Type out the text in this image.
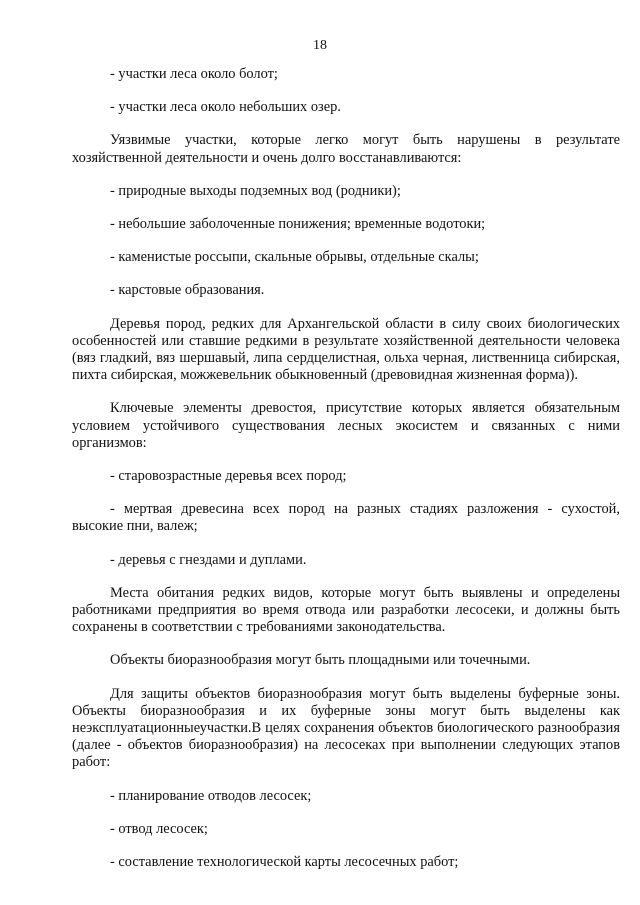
18

- участки леса около болот;

- участки леса около небольших озер.

Уязвимые участки, которые легко могут быть нарушены в результате хозяйственной деятельности и очень долго восстанавливаются:

- природные выходы подземных вод (родники);

- небольшие заболоченные понижения; временные водотоки;

- каменистые россыпи, скальные обрывы, отдельные скалы;

- карстовые образования.

Деревья пород, редких для Архангельской области в силу своих биологических особенностей или ставшие редкими в результате хозяйственной деятельности человека (вяз гладкий, вяз шершавый, липа сердцелистная, ольха черная, лиственница сибирская, пихта сибирская, можжевельник обыкновенный (древовидная жизненная форма)).

Ключевые элементы древостоя, присутствие которых является обязательным условием устойчивого существования лесных экосистем и связанных с ними организмов:

- старовозрастные деревья всех пород;

- мертвая древесина всех пород на разных стадиях разложения - сухостой, высокие пни, валеж;

- деревья с гнездами и дуплами.

Места обитания редких видов, которые могут быть выявлены и определены работниками предприятия во время отвода или разработки лесосеки, и должны быть сохранены в соответствии с требованиями законодательства.

Объекты биоразнообразия могут быть площадными или точечными.

Для защиты объектов биоразнообразия могут быть выделены буферные зоны. Объекты биоразнообразия и их буферные зоны могут быть выделены как неэксплуатационныеучастки.В целях сохранения объектов биологического разнообразия (далее - объектов биоразнообразия) на лесосеках при выполнении следующих этапов работ:

- планирование отводов лесосек;

- отвод лесосек;

- составление технологической карты лесосечных работ;
